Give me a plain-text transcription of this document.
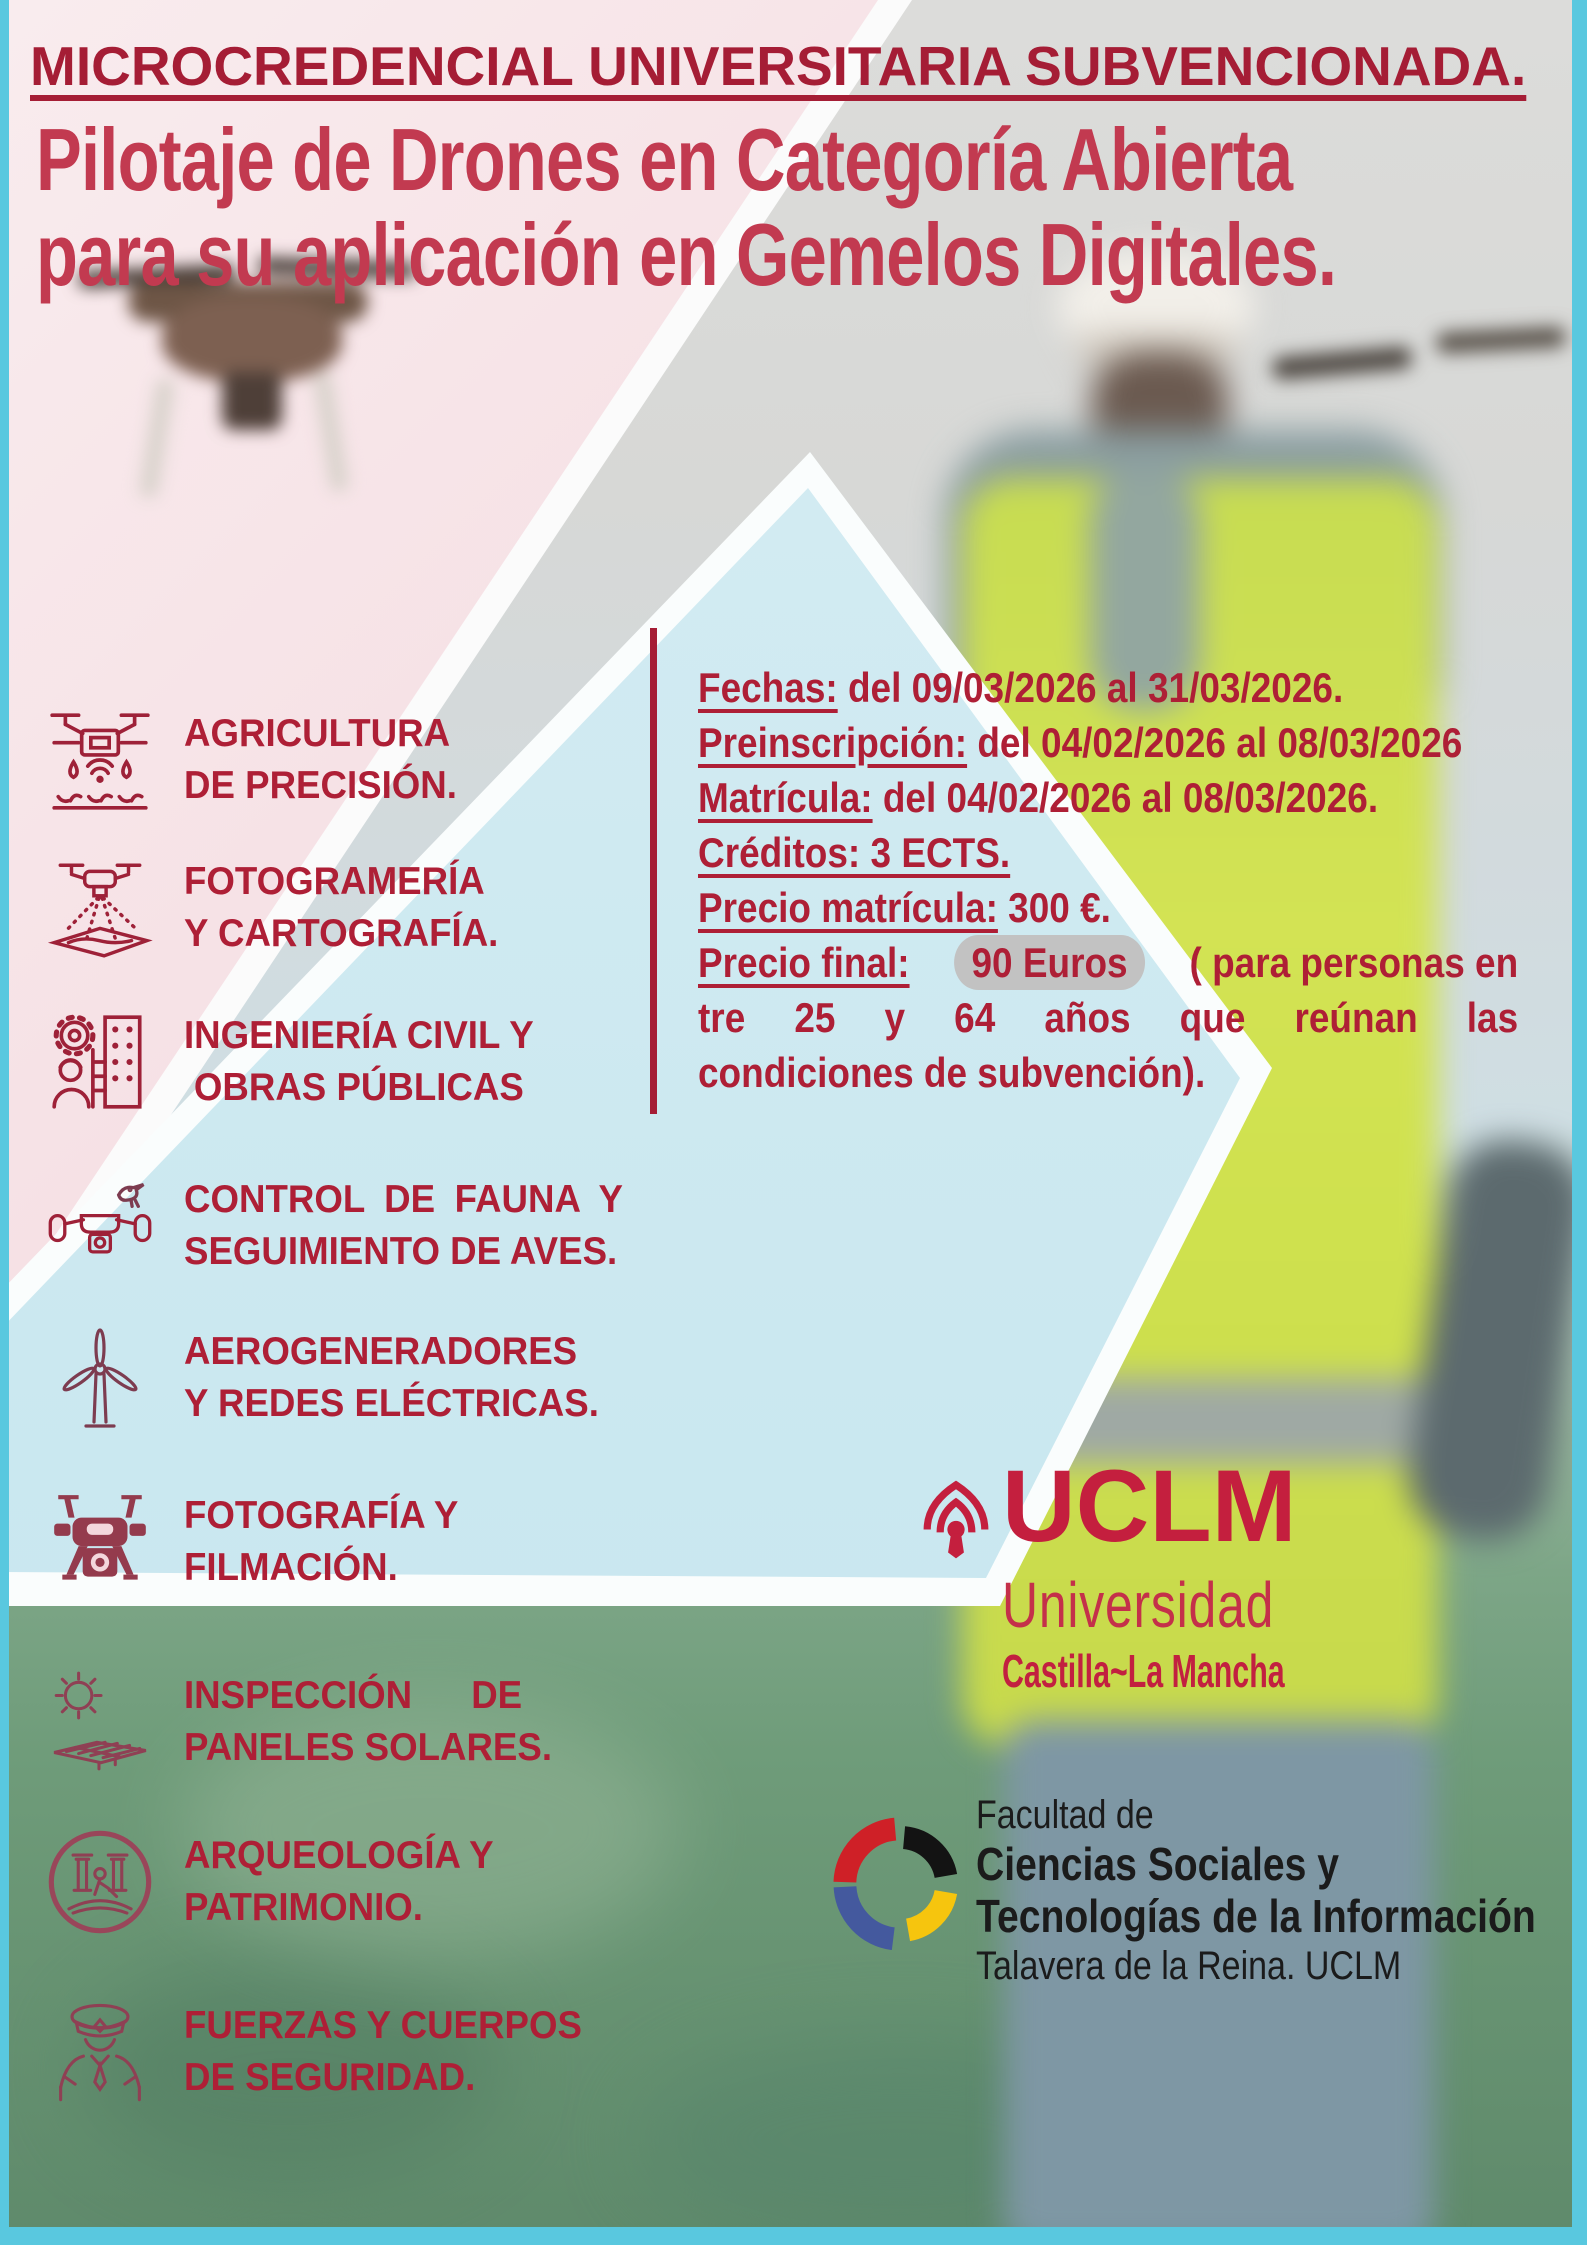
MICROCREDENCIAL UNIVERSITARIA SUBVENCIONADA.
Pilotaje de Drones en Categoría Abierta
para su aplicación en Gemelos Digitales.
AGRICULTURA
DE PRECISIÓN.
FOTOGRAMERÍA
Y CARTOGRAFÍA.
INGENIERÍA CIVIL Y
OBRAS PÚBLICAS
CONTROL DE FAUNA Y
SEGUIMIENTO DE AVES.
AEROGENERADORES
Y REDES ELÉCTRICAS.
FOTOGRAFÍA Y
FILMACIÓN.
INSPECCIÓN DE
PANELES SOLARES.
ARQUEOLOGÍA Y
PATRIMONIO.
FUERZAS Y CUERPOS
DE SEGURIDAD.

Fechas: del 09/03/2026 al 31/03/2026.

Preinscripción: del 04/02/2026 al 08/03/2026

Matrícula: del 04/02/2026 al 08/03/2026.

Créditos: 3 ECTS.

Precio matrícula: 300 €.

Precio final:	90 Euros	( para personas en
tre 25 y 64 años que reúnan las
condiciones de subvención).
UCLM
Universidad
Castilla~La Mancha
Facultad de
Ciencias Sociales y
Tecnologías de la Información
Talavera de la Reina. UCLM
